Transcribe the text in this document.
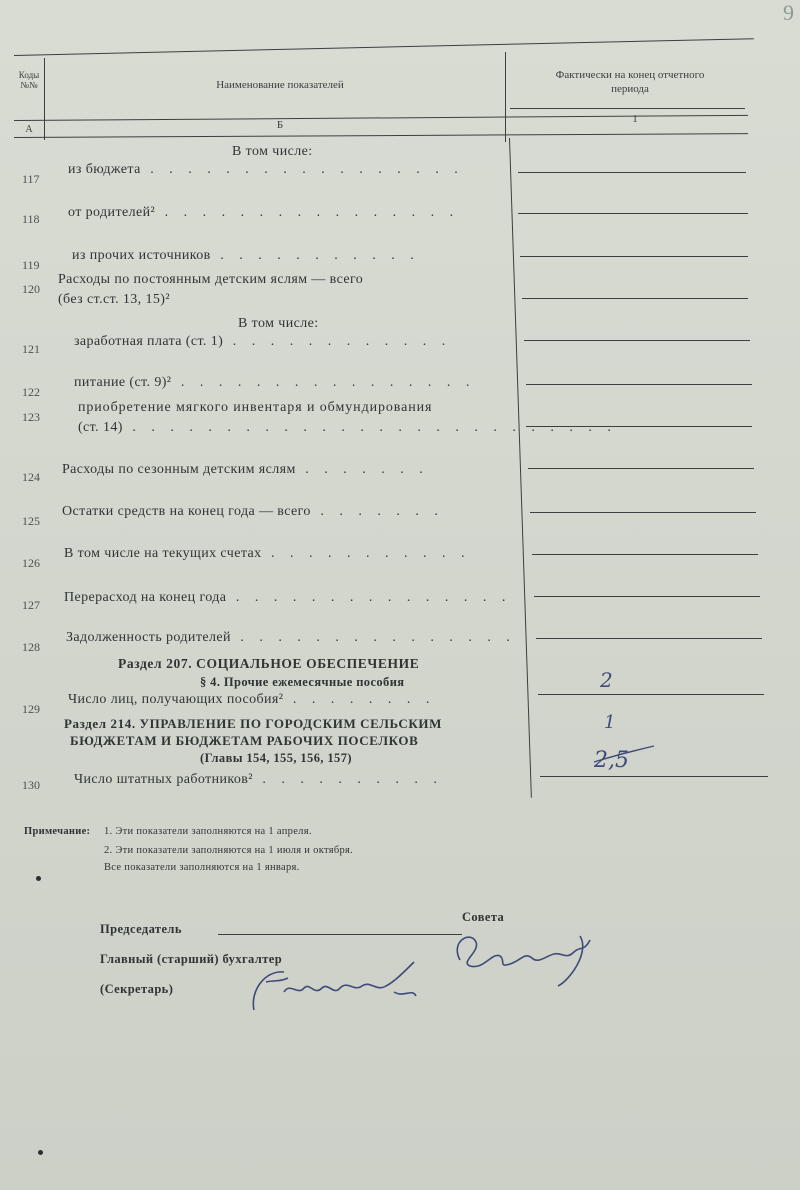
9
Коды №№
А
Наименование показателей
Б
Фактически на конец отчетного периода
1
В том числе:
117
из бюджета . . . . . . . . . . . . . . . . .
118	от родителей² . . . . . . . . . . . . . . . .
119
из прочих источников . . . . . . . . . . .
120
Расходы по постоянным детским яслям — всего
(без ст.ст. 13, 15)²
В том числе:
121 заработная плата (ст. 1) . . . . . . . . . . . .
122
питание (ст. 9)² . . . . . . . . . . . . . . . .
123
приобретение мягкого инвентаря и обмундирования
(ст. 14) . . . . . . . . . . . . . . . . . . . . . . . . . .
124 Расходы по сезонным детским яслям . . . . . . .
125
Остатки средств на конец года — всего . . . . . . .
126
В том числе на текущих счетах . . . . . . . . . . .
127 Перерасход на конец года . . . . . . . . . . . . . . .
128
Задолженность родителей . . . . . . . . . . . . . . .
Раздел 207. СОЦИАЛЬНОЕ ОБЕСПЕЧЕНИЕ
§ 4. Прочие ежемесячные пособия
129
Число лиц, получающих пособия² . . . . . . . .
2
Раздел 214. УПРАВЛЕНИЕ ПО ГОРОДСКИМ СЕЛЬСКИМ
БЮДЖЕТАМ И БЮДЖЕТАМ РАБОЧИХ ПОСЕЛКОВ
(Главы 154, 155, 156, 157)
1
130 Число штатных работников² . . . . . . . . . .
2,5
Примечание: 1. Эти показатели заполняются на 1 апреля.
2. Эти показатели заполняются на 1 июля и октября.
Все показатели заполняются на 1 января.
Председатель
Совета
Главный (старший) бухгалтер
(Секретарь)
